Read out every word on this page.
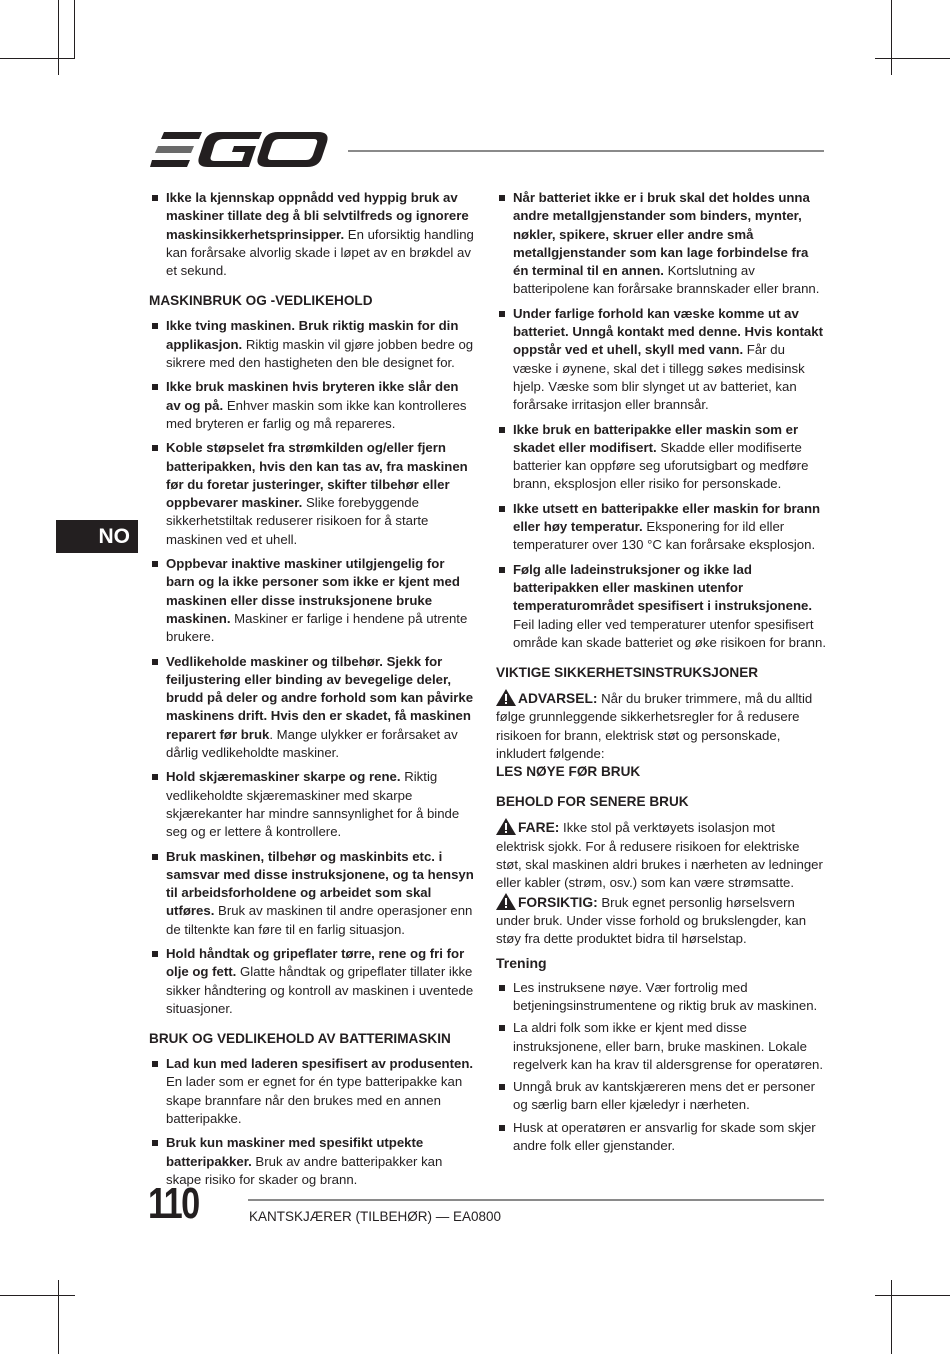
NO

Ikke la kjennskap oppnådd ved hyppig bruk av maskiner tillate deg å bli selvtilfreds og ignorere maskinsikkerhetsprinsipper. En uforsiktig handling kan forårsake alvorlig skade i løpet av en brøkdel av et sekund.

MASKINBRUK OG -VEDLIKEHOLD

Ikke tving maskinen. Bruk riktig maskin for din applikasjon. Riktig maskin vil gjøre jobben bedre og sikrere med den hastigheten den ble designet for.

Ikke bruk maskinen hvis bryteren ikke slår den av og på. Enhver maskin som ikke kan kontrolleres med bryteren er farlig og må repareres.

Koble støpselet fra strømkilden og/eller fjern batteripakken, hvis den kan tas av, fra maskinen før du foretar justeringer, skifter tilbehør eller oppbevarer maskiner. Slike forebyggende sikkerhetstiltak reduserer risikoen for å starte maskinen ved et uhell.

Oppbevar inaktive maskiner utilgjengelig for barn og la ikke personer som ikke er kjent med maskinen eller disse instruksjonene bruke maskinen. Maskiner er farlige i hendene på utrente brukere.

Vedlikeholde maskiner og tilbehør. Sjekk for feiljustering eller binding av bevegelige deler, brudd på deler og andre forhold som kan påvirke maskinens drift. Hvis den er skadet, få maskinen reparert før bruk. Mange ulykker er forårsaket av dårlig vedlikeholdte maskiner.

Hold skjæremaskiner skarpe og rene. Riktig vedlikeholdte skjæremaskiner med skarpe skjærekanter har mindre sannsynlighet for å binde seg og er lettere å kontrollere.

Bruk maskinen, tilbehør og maskinbits etc. i samsvar med disse instruksjonene, og ta hensyn til arbeidsforholdene og arbeidet som skal utføres. Bruk av maskinen til andre operasjoner enn de tiltenkte kan føre til en farlig situasjon.

Hold håndtak og gripeflater tørre, rene og fri for olje og fett. Glatte håndtak og gripeflater tillater ikke sikker håndtering og kontroll av maskinen i uventede situasjoner.

BRUK OG VEDLIKEHOLD AV BATTERIMASKIN

Lad kun med laderen spesifisert av produsenten. En lader som er egnet for én type batteripakke kan skape brannfare når den brukes med en annen batteripakke.

Bruk kun maskiner med spesifikt utpekte batteripakker. Bruk av andre batteripakker kan skape risiko for skader og brann.

Når batteriet ikke er i bruk skal det holdes unna andre metallgjenstander som binders, mynter, nøkler, spikere, skruer eller andre små metallgjenstander som kan lage forbindelse fra én terminal til en annen. Kortslutning av batteripolene kan forårsake brannskader eller brann.

Under farlige forhold kan væske komme ut av batteriet. Unngå kontakt med denne. Hvis kontakt oppstår ved et uhell, skyll med vann. Får du væske i øynene, skal det i tillegg søkes medisinsk hjelp. Væske som blir slynget ut av batteriet, kan forårsake irritasjon eller brannsår.

Ikke bruk en batteripakke eller maskin som er skadet eller modifisert. Skadde eller modifiserte batterier kan oppføre seg uforutsigbart og medføre brann, eksplosjon eller risiko for personskade.

Ikke utsett en batteripakke eller maskin for brann eller høy temperatur. Eksponering for ild eller temperaturer over 130 °C kan forårsake eksplosjon.

Følg alle ladeinstruksjoner og ikke lad batteripakken eller maskinen utenfor temperaturområdet spesifisert i instruksjonene. Feil lading eller ved temperaturer utenfor spesifisert område kan skade batteriet og øke risikoen for brann.

VIKTIGE SIKKERHETSINSTRUKSJONER

ADVARSEL: Når du bruker trimmere, må du alltid følge grunnleggende sikkerhetsregler for å redusere risikoen for brann, elektrisk støt og personskade, inkludert følgende:

LES NØYE FØR BRUK
BEHOLD FOR SENERE BRUK

FARE: Ikke stol på verktøyets isolasjon mot elektrisk sjokk. For å redusere risikoen for elektriske støt, skal maskinen aldri brukes i nærheten av ledninger eller kabler (strøm, osv.) som kan være strømsatte.

FORSIKTIG: Bruk egnet personlig hørselsvern under bruk. Under visse forhold og brukslengder, kan støy fra dette produktet bidra til hørselstap.

Trening

Les instruksene nøye. Vær fortrolig med betjeningsinstrumentene og riktig bruk av maskinen.

La aldri folk som ikke er kjent med disse instruksjonene, eller barn, bruke maskinen. Lokale regelverk kan ha krav til aldersgrense for operatøren.

Unngå bruk av kantskjæreren mens det er personer og særlig barn eller kjæledyr i nærheten.

Husk at operatøren er ansvarlig for skade som skjer andre folk eller gjenstander.

110	KANTSKJÆRER (TILBEHØR) — EA0800
